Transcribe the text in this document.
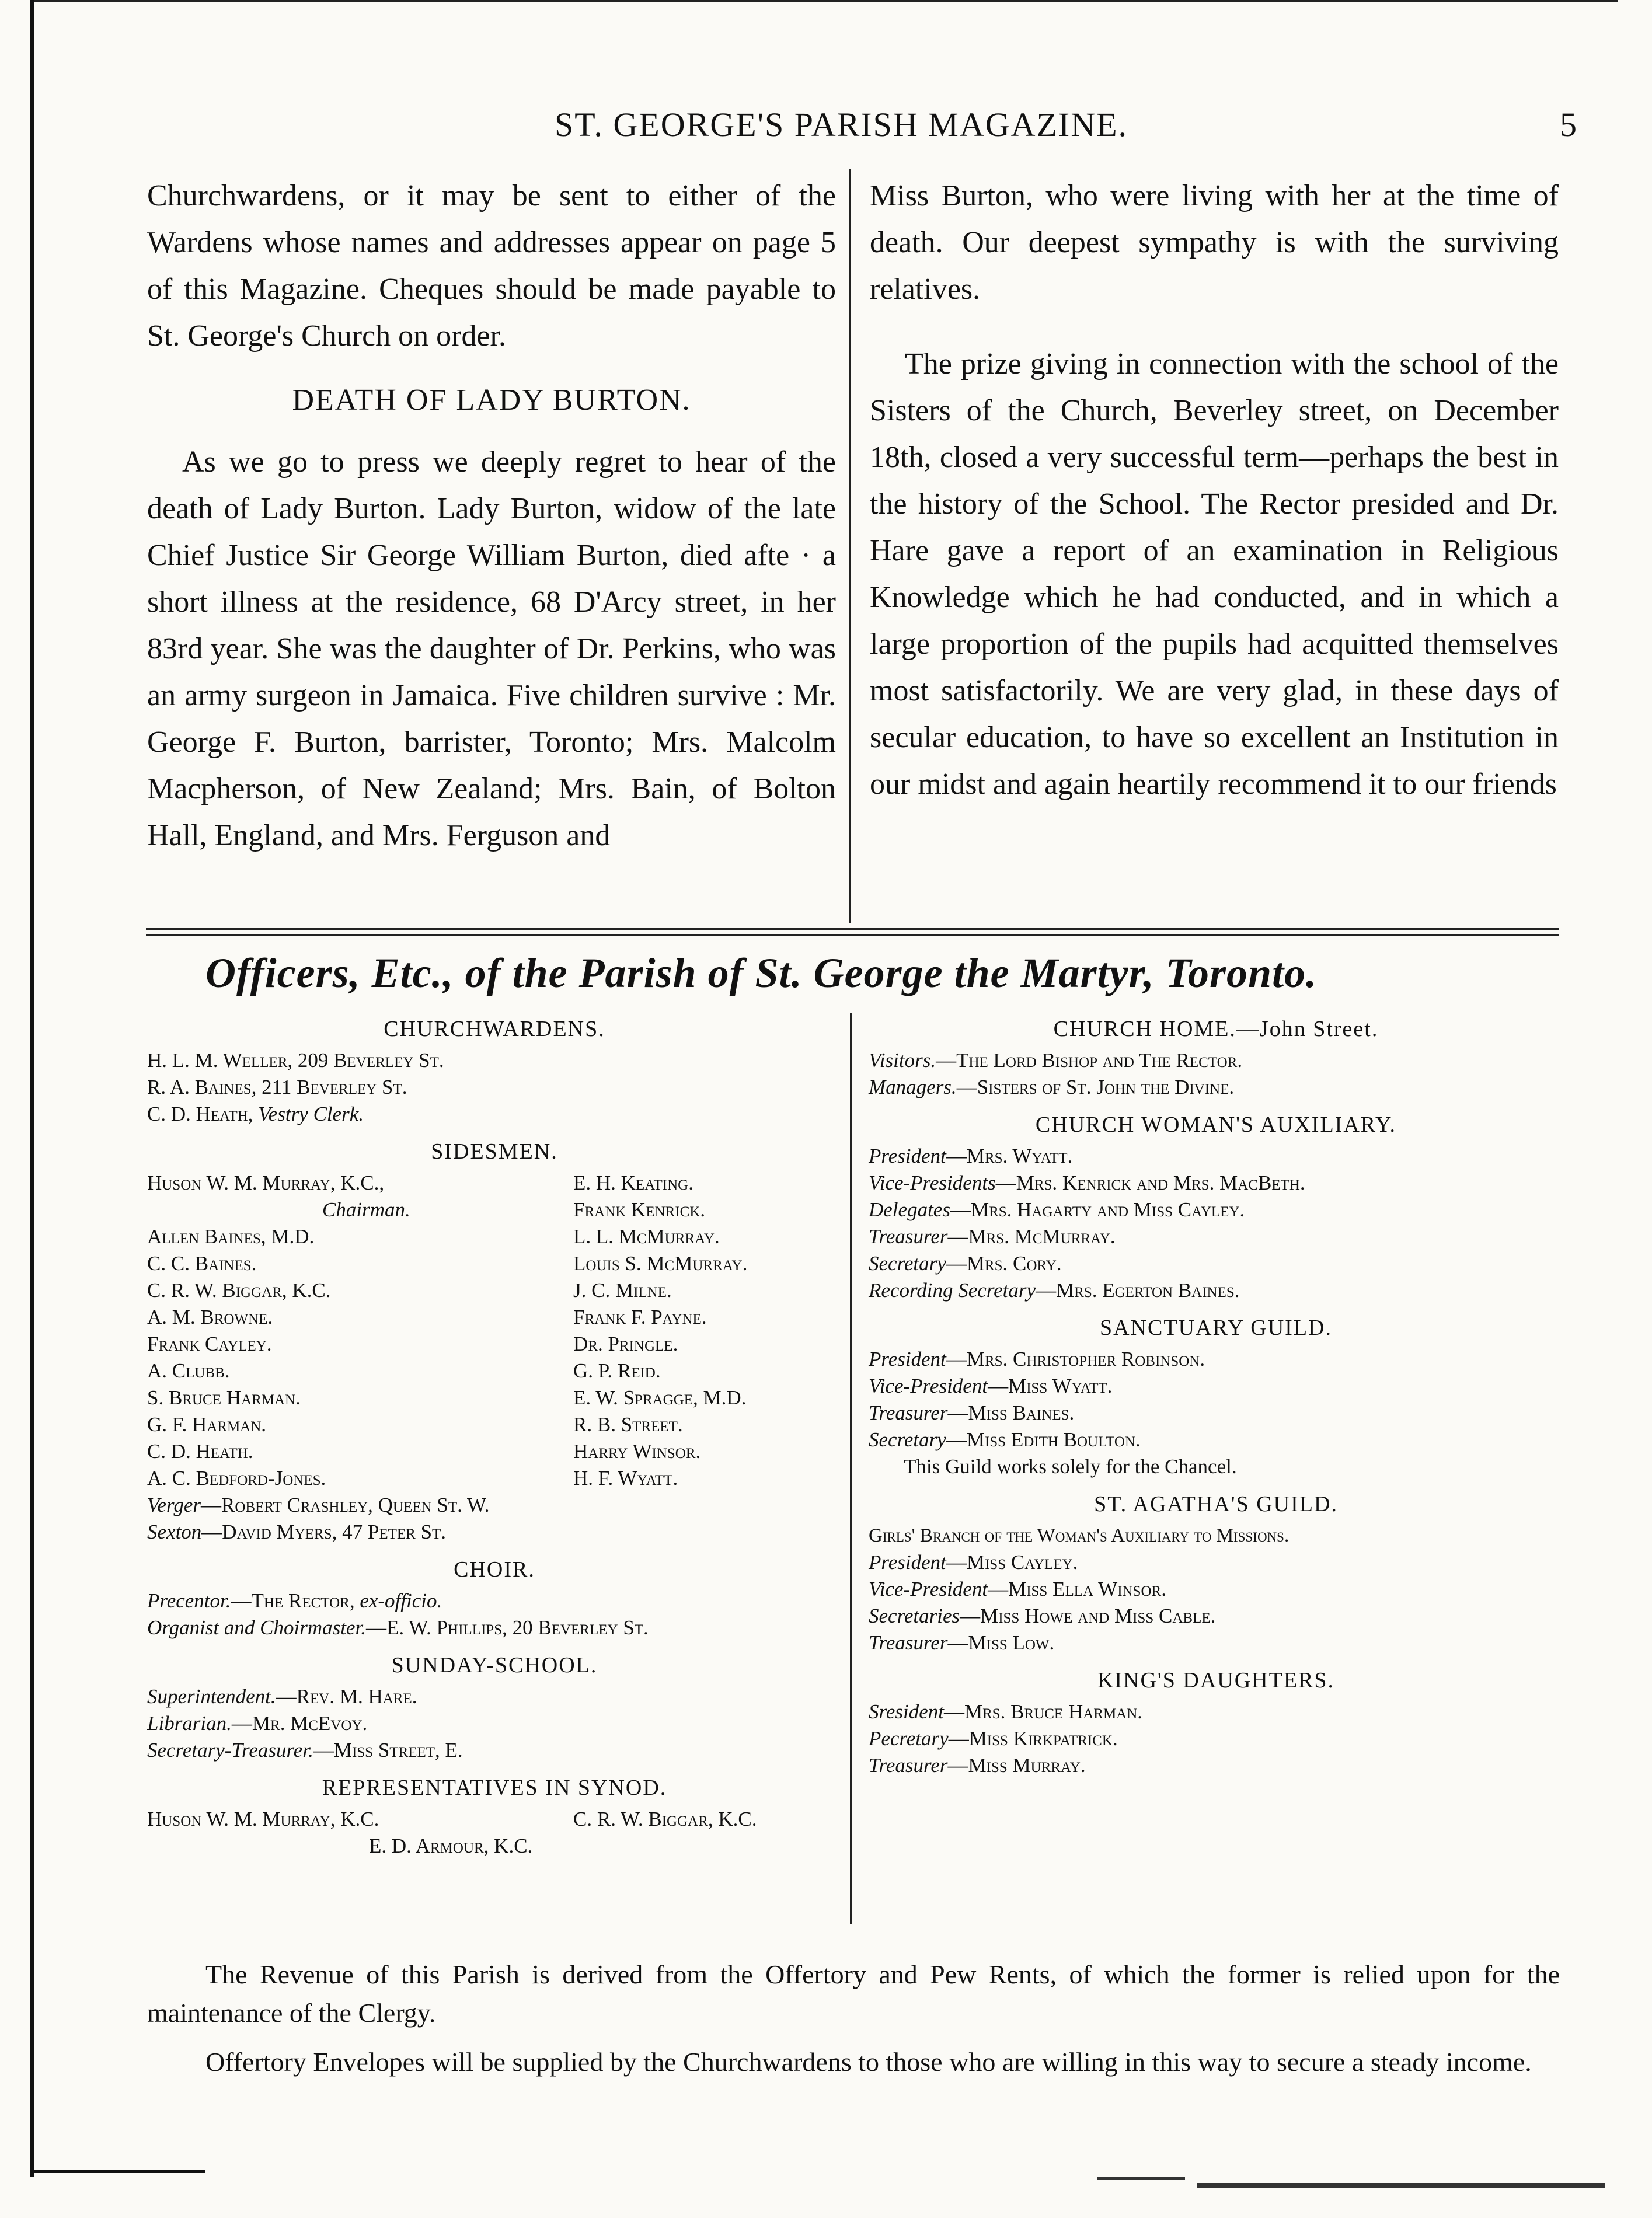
ST. GEORGE'S PARISH MAGAZINE.	5

Churchwardens, or it may be sent to either of the Wardens whose names and addresses appear on page 5 of this Magazine. Cheques should be made payable to St. George's Church on order.

DEATH OF LADY BURTON.

As we go to press we deeply regret to hear of the death of Lady Burton. Lady Burton, widow of the late Chief Justice Sir George William Burton, died afte · a short illness at the residence, 68 D'Arcy street, in her 83rd year. She was the daughter of Dr. Perkins, who was an army surgeon in Jamaica. Five children survive : Mr. George F. Burton, barrister, Toronto; Mrs. Malcolm Macpherson, of New Zealand; Mrs. Bain, of Bolton Hall, England, and Mrs. Ferguson and

Miss Burton, who were living with her at the time of death. Our deepest sympathy is with the surviving relatives.

The prize giving in connection with the school of the Sisters of the Church, Beverley street, on December 18th, closed a very successful term—perhaps the best in the history of the School. The Rector presided and Dr. Hare gave a report of an examination in Religious Knowledge which he had conducted, and in which a large proportion of the pupils had acquitted themselves most satisfactorily. We are very glad, in these days of secular education, to have so excellent an Institution in our midst and again heartily recommend it to our friends

Officers, Etc., of the Parish of St. George the Martyr, Toronto.
CHURCHWARDENS.

H. L. M. Weller, 209 Beverley St.

R. A. Baines, 211 Beverley St.

C. D. Heath, Vestry Clerk.

SIDESMEN.

Huson W. M. Murray, K.C.,	E. H. Keating.

Chairman.	Frank Kenrick.

Allen Baines, M.D.	L. L. McMurray.

C. C. Baines.	Louis S. McMurray.

C. R. W. Biggar, K.C.	J. C. Milne.

A. M. Browne.	Frank F. Payne.

Frank Cayley.	Dr. Pringle.

A. Clubb.	G. P. Reid.

S. Bruce Harman.	E. W. Spragge, M.D.

G. F. Harman.	R. B. Street.

C. D. Heath.	Harry Winsor.

A. C. Bedford-Jones.	H. F. Wyatt.

Verger—Robert Crashley, Queen St. W.

Sexton—David Myers, 47 Peter St.

CHOIR.

Precentor.—The Rector, ex-officio.

Organist and Choirmaster.—E. W. Phillips, 20 Beverley St.

SUNDAY-SCHOOL.

Superintendent.—Rev. M. Hare.

Librarian.—Mr. McEvoy.

Secretary-Treasurer.—Miss Street, E.

REPRESENTATIVES IN SYNOD.

Huson W. M. Murray, K.C.	C. R. W. Biggar, K.C.

E. D. Armour, K.C.

CHURCH HOME.—John Street.

Visitors.—The Lord Bishop and The Rector.

Managers.—Sisters of St. John the Divine.

CHURCH WOMAN'S AUXILIARY.

President—Mrs. Wyatt.

Vice-Presidents—Mrs. Kenrick and Mrs. MacBeth.

Delegates—Mrs. Hagarty and Miss Cayley.

Treasurer—Mrs. McMurray.

Secretary—Mrs. Cory.

Recording Secretary—Mrs. Egerton Baines.

SANCTUARY GUILD.

President—Mrs. Christopher Robinson.

Vice-President—Miss Wyatt.

Treasurer—Miss Baines.

Secretary—Miss Edith Boulton.

This Guild works solely for the Chancel.

ST. AGATHA'S GUILD.

Girls' Branch of the Woman's Auxiliary to Missions.

President—Miss Cayley.

Vice-President—Miss Ella Winsor.

Secretaries—Miss Howe and Miss Cable.

Treasurer—Miss Low.

KING'S DAUGHTERS.

Sresident—Mrs. Bruce Harman.

Pecretary—Miss Kirkpatrick.

Treasurer—Miss Murray.

The Revenue of this Parish is derived from the Offertory and Pew Rents, of which the former is relied upon for the maintenance of the Clergy.

Offertory Envelopes will be supplied by the Churchwardens to those who are willing in this way to secure a steady income.
